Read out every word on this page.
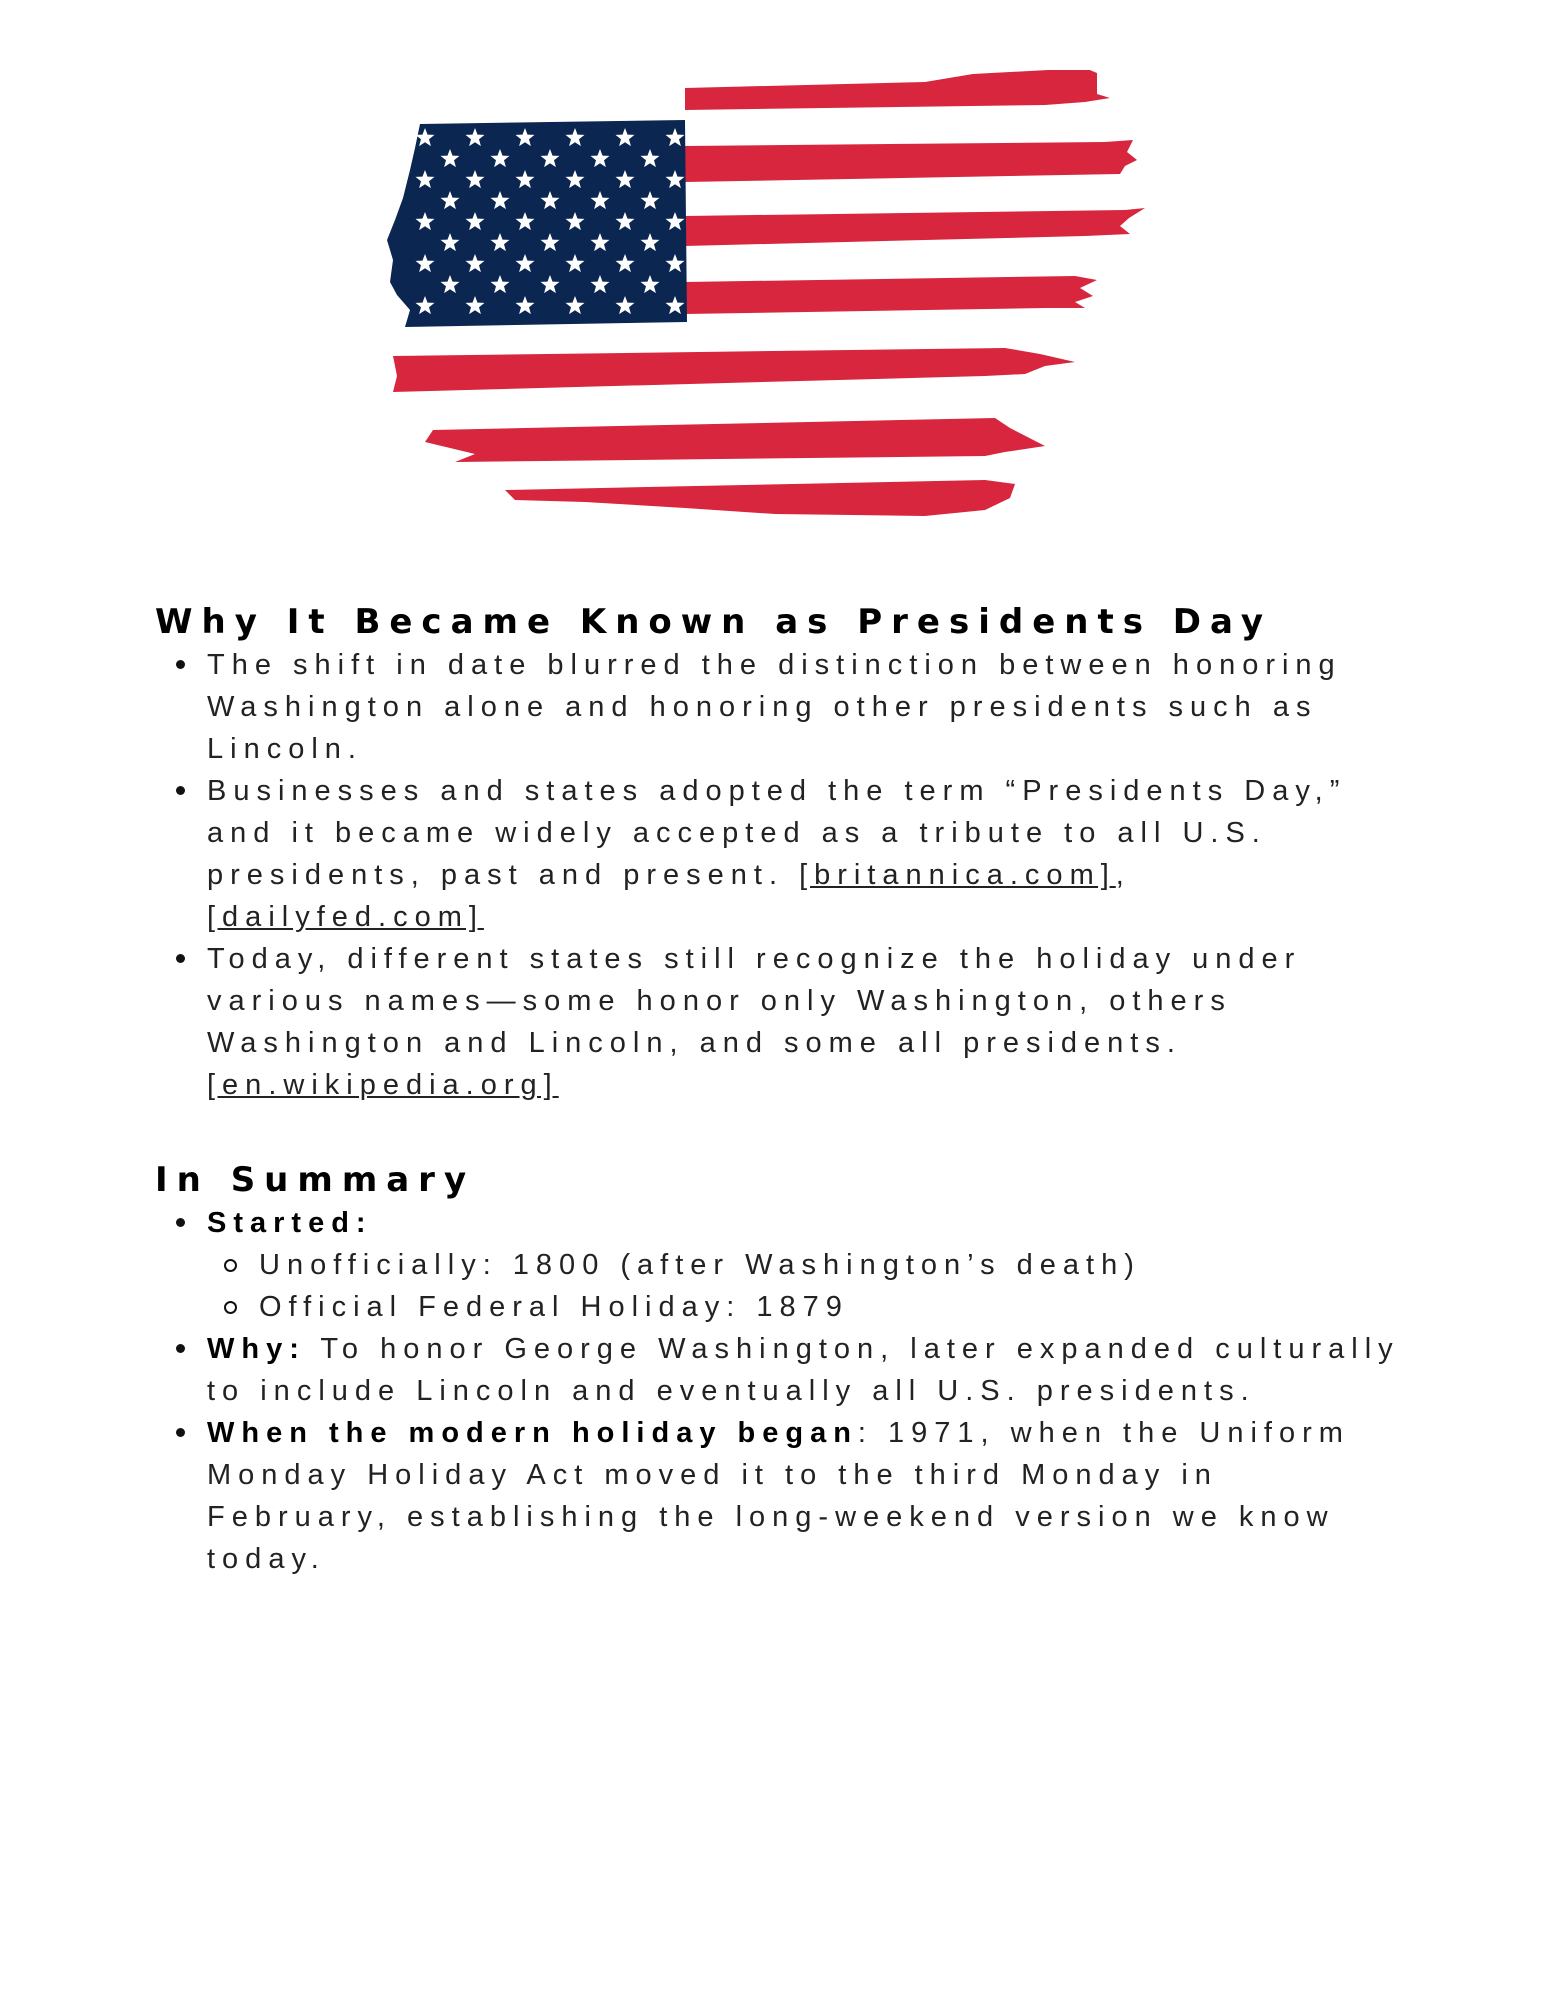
Why It Became Known as Presidents Day
The shift in date blurred the distinction between honoring Washington alone and honoring other presidents such as Lincoln.
Businesses and states adopted the term “Presidents Day,” and it became widely accepted as a tribute to all U.S. presidents, past and present. [britannica.com], [dailyfed.com]
Today, different states still recognize the holiday under various names—some honor only Washington, others Washington and Lincoln, and some all presidents. [en.wikipedia.org]
In Summary
Started:
Unofficially: 1800 (after Washington’s death)
Official Federal Holiday: 1879
Why: To honor George Washington, later expanded culturally to include Lincoln and eventually all U.S. presidents.
When the modern holiday began: 1971, when the Uniform Monday Holiday Act moved it to the third Monday in February, establishing the long-weekend version we know today.
